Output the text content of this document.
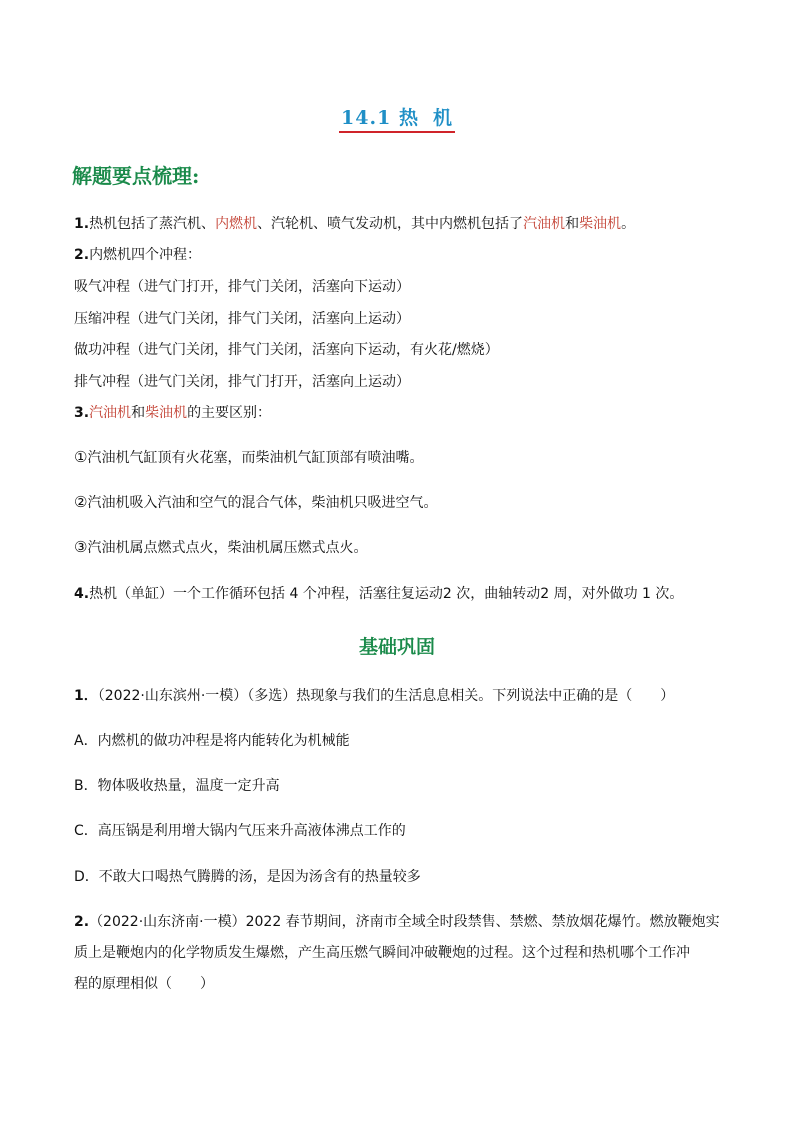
14.1 热 机
解题要点梳理:
1.热机包括了蒸汽机、内燃机、汽轮机、喷气发动机，其中内燃机包括了汽油机和柴油机。
2.内燃机四个冲程：
吸气冲程（进气门打开，排气门关闭，活塞向下运动）
压缩冲程（进气门关闭，排气门关闭，活塞向上运动）
做功冲程（进气门关闭，排气门关闭，活塞向下运动，有火花/燃烧）
排气冲程（进气门关闭，排气门打开，活塞向上运动）
3.汽油机和柴油机的主要区别：
①汽油机气缸顶有火花塞，而柴油机气缸顶部有喷油嘴。
②汽油机吸入汽油和空气的混合气体，柴油机只吸进空气。
③汽油机属点燃式点火，柴油机属压燃式点火。
4.热机（单缸）一个工作循环包括 4 个冲程，活塞往复运动2 次，曲轴转动2 周，对外做功 1 次。
基础巩固
1．（2022·山东滨州·一模）（多选）热现象与我们的生活息息相关。下列说法中正确的是（　　）
A．内燃机的做功冲程是将内能转化为机械能
B．物体吸收热量，温度一定升高
C．高压锅是利用增大锅内气压来升高液体沸点工作的
D．不敢大口喝热气腾腾的汤，是因为汤含有的热量较多
2.（2022·山东济南·一模）2022 春节期间，济南市全域全时段禁售、禁燃、禁放烟花爆竹。燃放鞭炮实
质上是鞭炮内的化学物质发生爆燃，产生高压燃气瞬间冲破鞭炮的过程。这个过程和热机哪个工作冲
程的原理相似（　　）
